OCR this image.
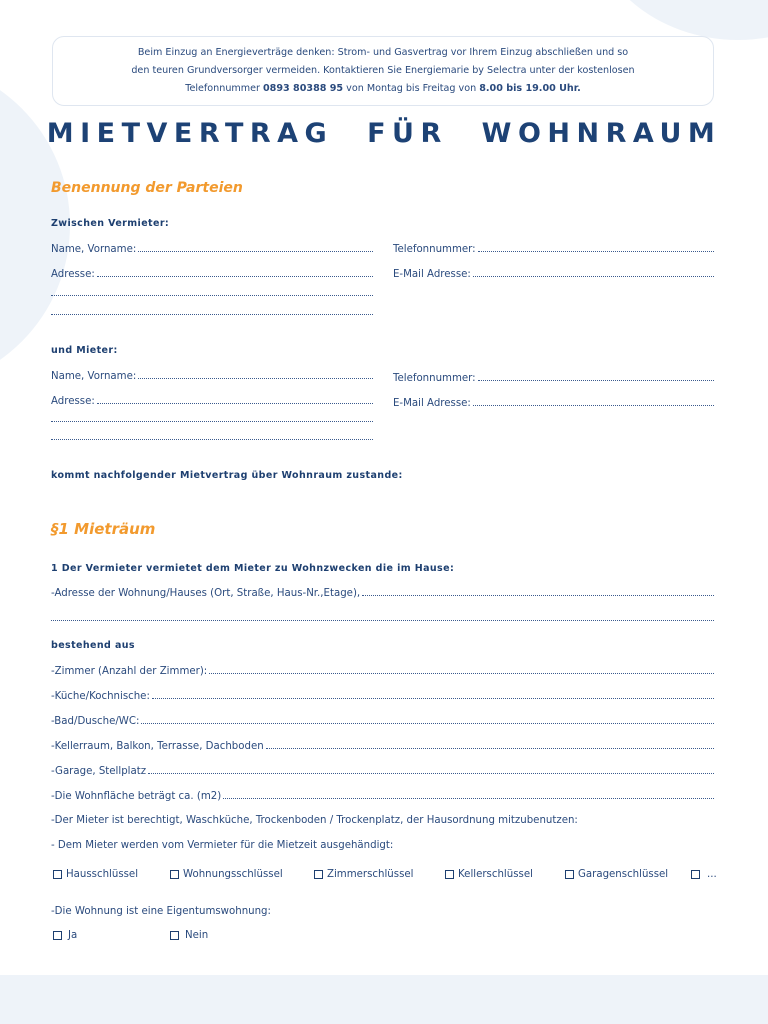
Beim Einzug an Energieverträge denken: Strom- und Gasvertrag vor Ihrem Einzug abschließen und so
den teuren Grundversorger vermeiden. Kontaktieren Sie Energiemarie by Selectra unter der kostenlosen
Telefonnummer 0893 80388 95 von Montag bis Freitag von 8.00 bis 19.00 Uhr.
MIETVERTRAG FÜR WOHNRAUM
Benennung der Parteien
Zwischen Vermieter:
Name, Vorname:	Telefonnummer:
Adresse:	E-Mail Adresse:
und Mieter:
Name, Vorname:	Telefonnummer:
Adresse:	E-Mail Adresse:
kommt nachfolgender Mietvertrag über Wohnraum zustande:
§1 Mieträum
1 Der Vermieter vermietet dem Mieter zu Wohnzwecken die im Hause:
-Adresse der Wohnung/Hauses (Ort, Straße, Haus-Nr.,Etage),
bestehend aus
-Zimmer (Anzahl der Zimmer):
-Küche/Kochnische:
-Bad/Dusche/WC:
-Kellerraum, Balkon, Terrasse, Dachboden
-Garage, Stellplatz
-Die Wohnfläche beträgt ca. (m2)
-Der Mieter ist berechtigt, Waschküche, Trockenboden / Trockenplatz, der Hausordnung mitzubenutzen:
- Dem Mieter werden vom Vermieter für die Mietzeit ausgehändigt:
Hausschlüssel	Wohnungsschlüssel	Zimmerschlüssel	Kellerschlüssel	Garagenschlüssel	...
-Die Wohnung ist eine Eigentumswohnung:
Ja	Nein
